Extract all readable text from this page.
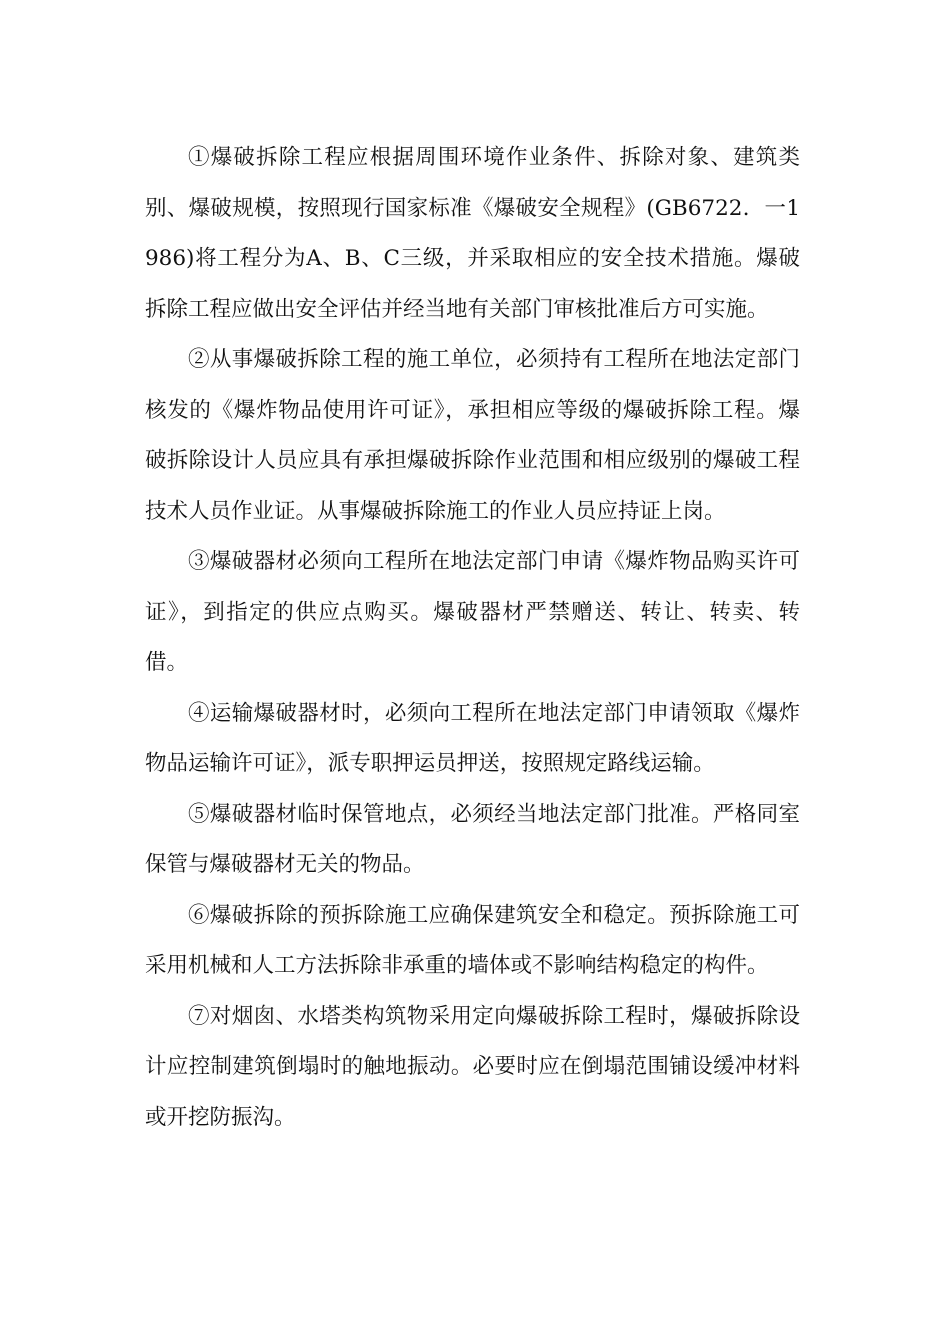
①爆破拆除工程应根据周围环境作业条件、拆除对象、建筑类别、爆破规模，按照现行国家标准《爆破安全规程》(GB6722．一1986)将工程分为A、B、C三级，并采取相应的安全技术措施。爆破拆除工程应做出安全评估并经当地有关部门审核批准后方可实施。

②从事爆破拆除工程的施工单位，必须持有工程所在地法定部门核发的《爆炸物品使用许可证》，承担相应等级的爆破拆除工程。爆破拆除设计人员应具有承担爆破拆除作业范围和相应级别的爆破工程技术人员作业证。从事爆破拆除施工的作业人员应持证上岗。

③爆破器材必须向工程所在地法定部门申请《爆炸物品购买许可证》，到指定的供应点购买。爆破器材严禁赠送、转让、转卖、转借。

④运输爆破器材时，必须向工程所在地法定部门申请领取《爆炸物品运输许可证》，派专职押运员押送，按照规定路线运输。

⑤爆破器材临时保管地点，必须经当地法定部门批准。严格同室保管与爆破器材无关的物品。

⑥爆破拆除的预拆除施工应确保建筑安全和稳定。预拆除施工可采用机械和人工方法拆除非承重的墙体或不影响结构稳定的构件。

⑦对烟囱、水塔类构筑物采用定向爆破拆除工程时，爆破拆除设计应控制建筑倒塌时的触地振动。必要时应在倒塌范围铺设缓冲材料或开挖防振沟。
